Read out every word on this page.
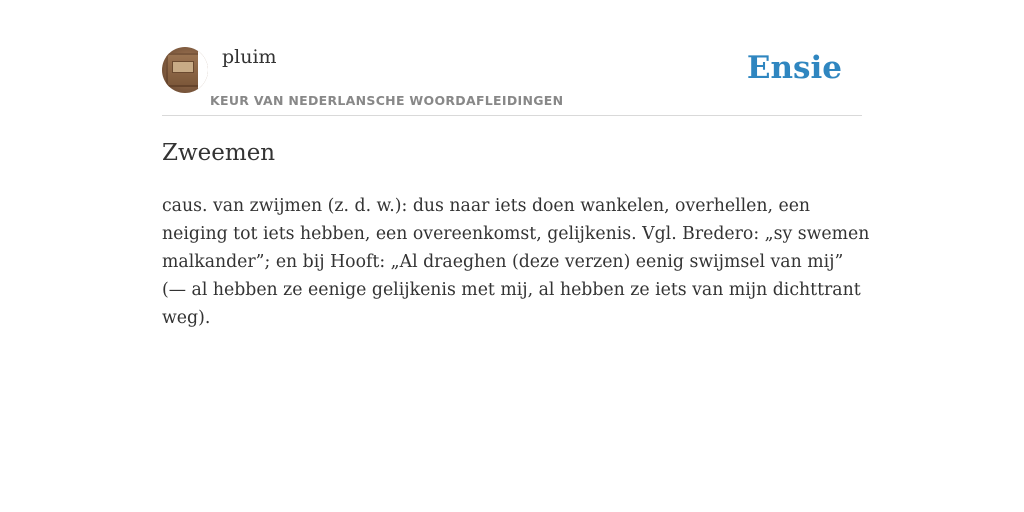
pluim
KEUR VAN NEDERLANSCHE WOORDAFLEIDINGEN
Ensie
Zweemen

caus. van zwijmen (z. d. w.): dus naar iets doen wankelen, overhellen, een neiging tot iets hebben, een overeenkomst, gelijkenis. Vgl. Bredero: „sy swemen malkander”; en bij Hooft: „Al draeghen (deze verzen) eenig swijmsel van mij” (— al hebben ze eenige gelijkenis met mij, al hebben ze iets van mijn dichttrant weg).
